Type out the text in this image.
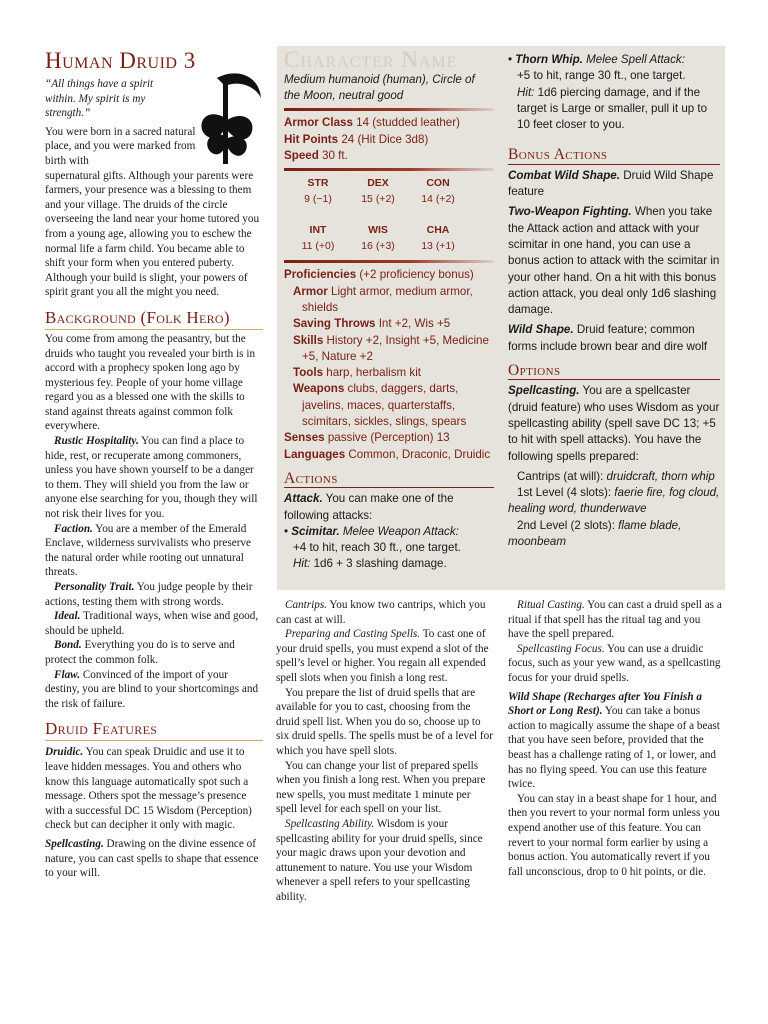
Human Druid 3

“All things have a spirit within. My spirit is my strength.”

You were born in a sacred natural place, and you were marked from birth with

supernatural gifts. Although your parents were farmers, your presence was a blessing to them and your village. The druids of the circle overseeing the land near your home tutored you from a young age, allowing you to eschew the normal life a farm child. You became able to shift your form when you entered puberty. Although your build is slight, your powers of spirit grant you all the might you need.

Background (Folk Hero)

You come from among the peasantry, but the druids who taught you revealed your birth is in accord with a prophecy spoken long ago by mysterious fey. People of your home village regard you as a blessed one with the skills to stand against threats against common folk everywhere.

Rustic Hospitality. You can find a place to hide, rest, or recuperate among commoners, unless you have shown yourself to be a danger to them. They will shield you from the law or anyone else searching for you, though they will not risk their lives for you.

Faction. You are a member of the Emerald Enclave, wilderness survivalists who preserve the natural order while rooting out unnatural threats.

Personality Trait. You judge people by their actions, testing them with strong words.

Ideal. Traditional ways, when wise and good, should be upheld.

Bond. Everything you do is to serve and protect the common folk.

Flaw. Convinced of the import of your destiny, you are blind to your shortcomings and the risk of failure.

Druid Features

Druidic. You can speak Druidic and use it to leave hidden messages. You and others who know this language automatically spot such a message. Others spot the message’s presence with a successful DC 15 Wisdom (Perception) check but can decipher it only with magic.

Spellcasting. Drawing on the divine essence of nature, you can cast spells to shape that essence to your will.

Character Name

Medium humanoid (human), Circle of the Moon, neutral good

Armor Class 14 (studded leather)

Hit Points 24 (Hit Dice 3d8)

Speed 30 ft.

STR	DEX	CON
9 (−1)	15 (+2)	14 (+2)
INT	WIS	CHA
11 (+0)	16 (+3)	13 (+1)

Proficiencies (+2 proficiency bonus)

Armor Light armor, medium armor, shields

Saving Throws Int +2, Wis +5

Skills History +2, Insight +5, Medicine +5, Nature +2

Tools harp, herbalism kit

Weapons clubs, daggers, darts, javelins, maces, quarterstaffs, scimitars, sickles, slings, spears

Senses passive (Perception) 13

Languages Common, Draconic, Druidic

Actions

Attack. You can make one of the following attacks:

• Scimitar. Melee Weapon Attack:

+4 to hit, reach 30 ft., one target.

Hit: 1d6 + 3 slashing damage.

• Thorn Whip. Melee Spell Attack:

+5 to hit, range 30 ft., one target.

Hit: 1d6 piercing damage, and if the target is Large or smaller, pull it up to 10 feet closer to you.

Bonus Actions

Combat Wild Shape. Druid Wild Shape feature

Two-Weapon Fighting. When you take the Attack action and attack with your scimitar in one hand, you can use a bonus action to attack with the scimitar in your other hand. On a hit with this bonus action attack, you deal only 1d6 slashing damage.

Wild Shape. Druid feature; common forms include brown bear and dire wolf

Options

Spellcasting. You are a spellcaster (druid feature) who uses Wisdom as your spellcasting ability (spell save DC 13; +5 to hit with spell attacks). You have the following spells prepared:

Cantrips (at will): druidcraft, thorn whip

1st Level (4 slots): faerie fire, fog cloud, healing word, thunderwave

2nd Level (2 slots): flame blade, moonbeam

Cantrips. You know two cantrips, which you can cast at will.

Preparing and Casting Spells. To cast one of your druid spells, you must expend a slot of the spell’s level or higher. You regain all expended spell slots when you finish a long rest.

You prepare the list of druid spells that are available for you to cast, choosing from the druid spell list. When you do so, choose up to six druid spells. The spells must be of a level for which you have spell slots.

You can change your list of prepared spells when you finish a long rest. When you prepare new spells, you must meditate 1 minute per spell level for each spell on your list.

Spellcasting Ability. Wisdom is your spellcasting ability for your druid spells, since your magic draws upon your devotion and attunement to nature. You use your Wisdom whenever a spell refers to your spellcasting ability.

Ritual Casting. You can cast a druid spell as a ritual if that spell has the ritual tag and you have the spell prepared.

Spellcasting Focus. You can use a druidic focus, such as your yew wand, as a spellcasting focus for your druid spells.

Wild Shape (Recharges after You Finish a Short or Long Rest). You can take a bonus action to magically assume the shape of a beast that you have seen before, provided that the beast has a challenge rating of 1, or lower, and has no flying speed. You can use this feature twice.

You can stay in a beast shape for 1 hour, and then you revert to your normal form unless you expend another use of this feature. You can revert to your normal form earlier by using a bonus action. You automatically revert if you fall unconscious, drop to 0 hit points, or die.
